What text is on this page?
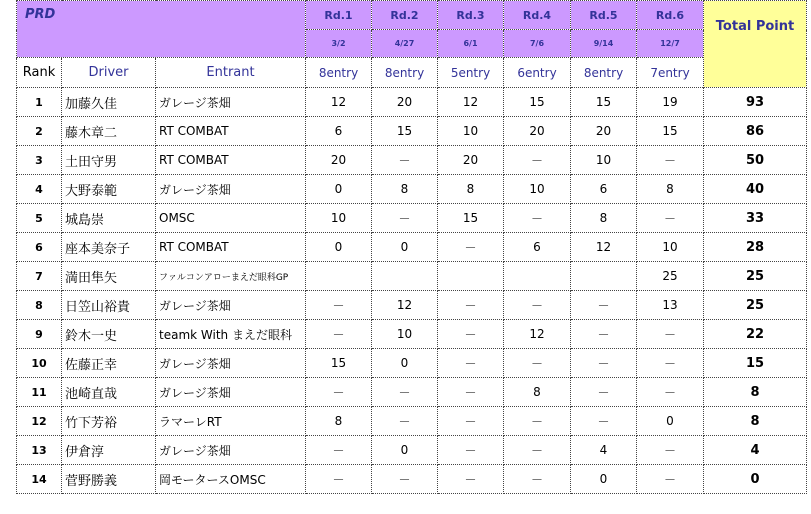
PRD			Rd.1	Rd.2	Rd.3	Rd.4	Rd.5	Rd.6	Total Point
			3/2	4/27	6/1	7/6	9/14	12/7	
Rank	Driver	Entrant	8entry	8entry	5entry	6entry	8entry	7entry	
1	加藤久佳	ガレージ茶畑	12	20	12	15	15	19	93
2	藤木章二	RT COMBAT	6	15	10	20	20	15	86
3	土田守男	RT COMBAT	20	－	20	－	10	－	50
4	大野泰範	ガレージ茶畑	0	8	8	10	6	8	40
5	城島崇	OMSC	10	－	15	－	8	－	33
6	座本美奈子	RT COMBAT	0	0	－	6	12	10	28
7	満田隼矢	ファルコンアローまえだ眼科GP						25	25
8	日笠山裕貴	ガレージ茶畑	－	12	－	－	－	13	25
9	鈴木一史	teamk With まえだ眼科	－	10	－	12	－	－	22
10	佐藤正幸	ガレージ茶畑	15	0	－	－	－	－	15
11	池崎直哉	ガレージ茶畑	－	－	－	8	－	－	8
12	竹下芳裕	ラマーレRT	8	－	－	－	－	0	8
13	伊倉淳	ガレージ茶畑	－	0	－	－	4	－	4
14	菅野勝義	岡モータースOMSC	－	－	－	－	0	－	0
